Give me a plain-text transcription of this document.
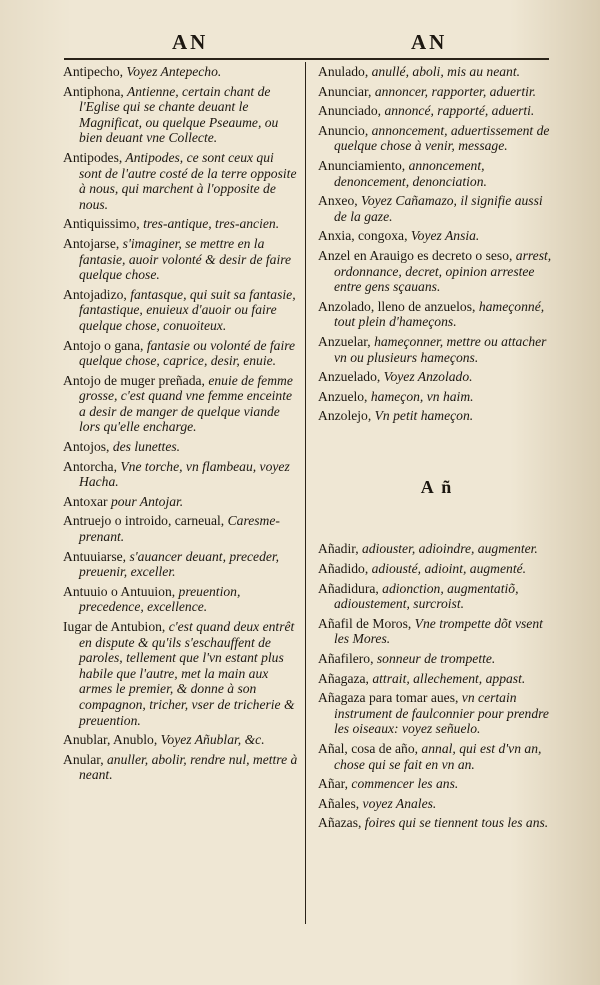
AN	AN

Antipecho, Voyez Antepecho.

Antiphona, Antienne, certain chant de l'Eglise qui se chante deuant le Magnificat, ou quelque Pseaume, ou bien deuant vne Collecte.

Antipodes, Antipodes, ce sont ceux qui sont de l'autre costé de la terre opposite à nous, qui marchent à l'opposite de nous.

Antiquissimo, tres-antique, tres-ancien.

Antojarse, s'imaginer, se mettre en la fantasie, auoir volonté & desir de faire quelque chose.

Antojadizo, fantasque, qui suit sa fantasie, fantastique, enuieux d'auoir ou faire quelque chose, conuoiteux.

Antojo o gana, fantasie ou volonté de faire quelque chose, caprice, desir, enuie.

Antojo de muger preñada, enuie de femme grosse, c'est quand vne femme enceinte a desir de manger de quelque viande lors qu'elle encharge.

Antojos, des lunettes.

Antorcha, Vne torche, vn flambeau, voyez Hacha.

Antoxar pour Antojar.

Antruejo o introido, carneual, Caresme-prenant.

Antuuiarse, s'auancer deuant, preceder, preuenir, exceller.

Antuuio o Antuuion, preuention, precedence, excellence.

Iugar de Antubion, c'est quand deux entrêt en dispute & qu'ils s'eschauffent de paroles, tellement que l'vn estant plus habile que l'autre, met la main aux armes le premier, & donne à son compagnon, tricher, vser de tricherie & preuention.

Anublar, Anublo, Voyez Añublar, &c.

Anular, anuller, abolir, rendre nul, mettre à neant.

Anulado, anullé, aboli, mis au neant.

Anunciar, annoncer, rapporter, aduertir.

Anunciado, annoncé, rapporté, aduerti.

Anuncio, annoncement, aduertissement de quelque chose à venir, message.

Anunciamiento, annoncement, denoncement, denonciation.

Anxeo, Voyez Cañamazo, il signifie aussi de la gaze.

Anxia, congoxa, Voyez Ansia.

Anzel en Arauigo es decreto o seso, arrest, ordonnance, decret, opinion arrestee entre gens sçauans.

Anzolado, lleno de anzuelos, hameçonné, tout plein d'hameçons.

Anzuelar, hameçonner, mettre ou attacher vn ou plusieurs hameçons.

Anzuelado, Voyez Anzolado.

Anzuelo, hameçon, vn haim.

Anzolejo, Vn petit hameçon.

A ñ

Añadir, adiouster, adioindre, augmenter.

Añadido, adiousté, adioint, augmenté.

Añadidura, adionction, augmentatiõ, adioustement, surcroist.

Añafil de Moros, Vne trompette dõt vsent les Mores.

Añafilero, sonneur de trompette.

Añagaza, attrait, allechement, appast.

Añagaza para tomar aues, vn certain instrument de faulconnier pour prendre les oiseaux: voyez señuelo.

Añal, cosa de año, annal, qui est d'vn an, chose qui se fait en vn an.

Añar, commencer les ans.

Añales, voyez Anales.

Añazas, foires qui se tiennent tous les ans.
